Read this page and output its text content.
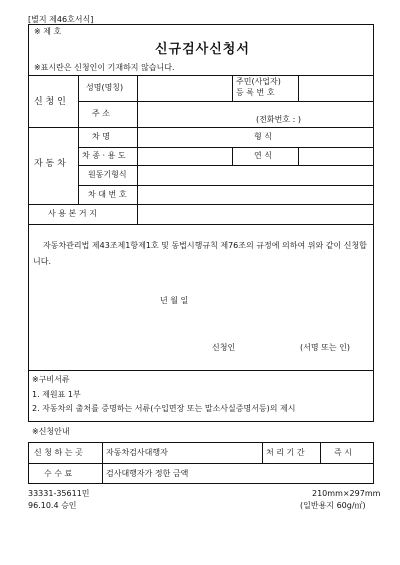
[별지 제46호서식]
※ 제 호
신규검사신청서
※표시란은 신청인이 기재하지 않습니다.
신 청 인
성명(명칭)
주민(사업자)
등 록 번 호
주 소
(전화번호 : )
자 동 차
차 명	형 식
차 종 · 용 도	연 식
원동기형식
차 대 번 호
사 용 본 거 지
자동차관리법 제43조제1항제1호 및 동법시행규칙 제76조의 규정에 의하여 위와 같이 신청합니다.
년 월 일
신청인	(서명 또는 인)
※구비서류
1. 제원표 1부
2. 자동차의 출처를 증명하는 서류(수입면장 또는 말소사실증명서등)의 제시
※신청안내
신 청 하 는 곳	자동차검사대행자	처 리 기 간	즉 시
수 수 료	검사대행자가 정한 금액
33331-35611민
96.10.4 승인
210mm×297mm
(일반용지 60g/㎡)
